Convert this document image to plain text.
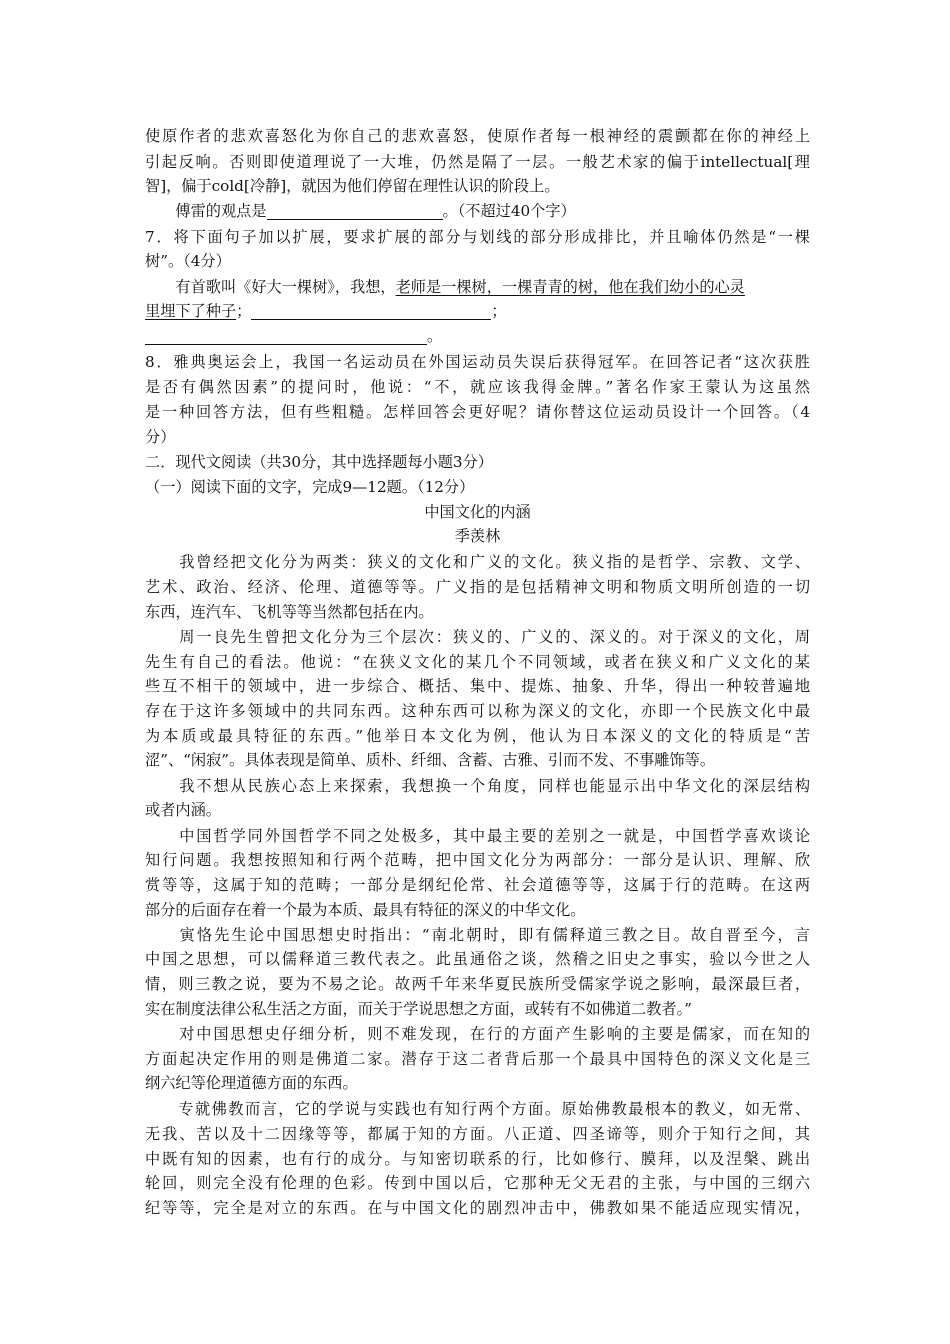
使原作者的悲欢喜怒化为你自己的悲欢喜怒，使原作者每一根神经的震颤都在你的神经上
引起反响。否则即使道理说了一大堆，仍然是隔了一层。一般艺术家的偏于intellectual[理
智]，偏于cold[冷静]，就因为他们停留在理性认识的阶段上。
　　傅雷的观点是	。（不超过40个字）
7．将下面句子加以扩展，要求扩展的部分与划线的部分形成排比，并且喻体仍然是“一棵
树”。（4分）
　　有首歌叫《好大一棵树》，我想，老师是一棵树，一棵青青的树，他在我们幼小的心灵
里埋下了种子；	；
。
8．雅典奥运会上，我国一名运动员在外国运动员失误后获得冠军。在回答记者“这次获胜
是否有偶然因素”的提问时，他说：“不，就应该我得金牌。”著名作家王蒙认为这虽然
是一种回答方法，但有些粗糙。怎样回答会更好呢？请你替这位运动员设计一个回答。（4
分）
二．现代文阅读（共30分，其中选择题每小题3分）
（一）阅读下面的文字，完成9—12题。（12分）
中国文化的内涵
季羡林
　　我曾经把文化分为两类：狭义的文化和广义的文化。狭义指的是哲学、宗教、文学、
艺术、政治、经济、伦理、道德等等。广义指的是包括精神文明和物质文明所创造的一切
东西，连汽车、飞机等等当然都包括在内。
　　周一良先生曾把文化分为三个层次：狭义的、广义的、深义的。对于深义的文化，周
先生有自己的看法。他说：“在狭义文化的某几个不同领域，或者在狭义和广义文化的某
些互不相干的领域中，进一步综合、概括、集中、提炼、抽象、升华，得出一种较普遍地
存在于这许多领域中的共同东西。这种东西可以称为深义的文化，亦即一个民族文化中最
为本质或最具特征的东西。”他举日本文化为例，他认为日本深义的文化的特质是“苦
涩”、“闲寂”。具体表现是简单、质朴、纤细、含蓄、古雅、引而不发、不事雕饰等。
　　我不想从民族心态上来探索，我想换一个角度，同样也能显示出中华文化的深层结构
或者内涵。
　　中国哲学同外国哲学不同之处极多，其中最主要的差别之一就是，中国哲学喜欢谈论
知行问题。我想按照知和行两个范畴，把中国文化分为两部分：一部分是认识、理解、欣
赏等等，这属于知的范畴；一部分是纲纪伦常、社会道德等等，这属于行的范畴。在这两
部分的后面存在着一个最为本质、最具有特征的深义的中华文化。
　　寅恪先生论中国思想史时指出：“南北朝时，即有儒释道三教之目。故自晋至今，言
中国之思想，可以儒释道三教代表之。此虽通俗之谈，然稽之旧史之事实，验以今世之人
情，则三教之说，要为不易之论。故两千年来华夏民族所受儒家学说之影响，最深最巨者，
实在制度法律公私生活之方面，而关于学说思想之方面，或转有不如佛道二教者。”
　　对中国思想史仔细分析，则不难发现，在行的方面产生影响的主要是儒家，而在知的
方面起决定作用的则是佛道二家。潜存于这二者背后那一个最具中国特色的深义文化是三
纲六纪等伦理道德方面的东西。
　　专就佛教而言，它的学说与实践也有知行两个方面。原始佛教最根本的教义，如无常、
无我、苦以及十二因缘等等，都属于知的方面。八正道、四圣谛等，则介于知行之间，其
中既有知的因素，也有行的成分。与知密切联系的行，比如修行、膜拜，以及涅槃、跳出
轮回，则完全没有伦理的色彩。传到中国以后，它那种无父无君的主张，与中国的三纲六
纪等等，完全是对立的东西。在与中国文化的剧烈冲击中，佛教如果不能适应现实情况，
